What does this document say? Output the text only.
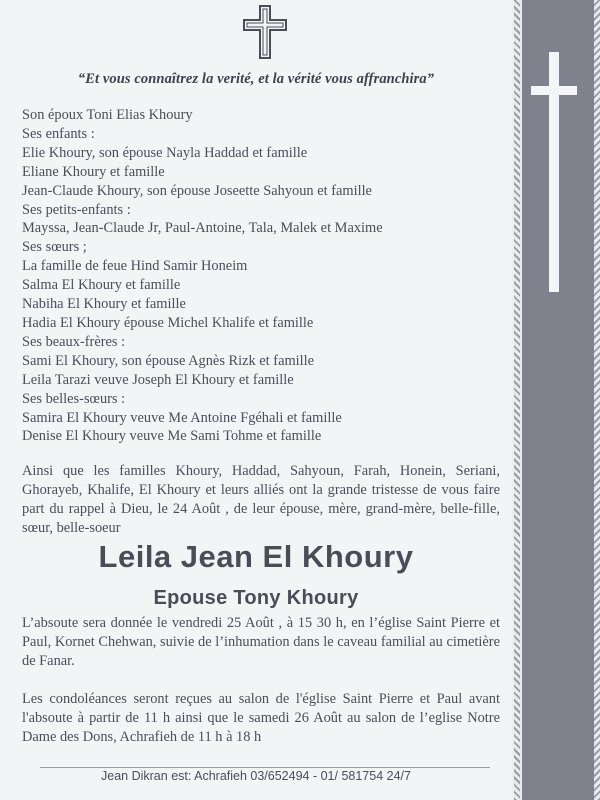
“Et vous connaîtrez la verité, et la vérité vous affranchira”
Son époux Toni Elias Khoury
Ses enfants :
Elie Khoury, son épouse Nayla Haddad et famille
Eliane Khoury et famille
Jean-Claude Khoury, son épouse Joseette Sahyoun et famille
Ses petits-enfants :
Mayssa, Jean-Claude Jr, Paul-Antoine, Tala, Malek et Maxime
Ses sœurs ;
La famille de feue Hind Samir Honeim
Salma El Khoury et famille
Nabiha El Khoury et famille
Hadia El Khoury épouse Michel Khalife et famille
Ses beaux-frères :
Sami El Khoury, son épouse Agnès Rizk et famille
Leila Tarazi veuve Joseph El Khoury et famille
Ses belles-sœurs :
Samira El Khoury veuve Me Antoine Fgéhali et famille
Denise El Khoury veuve Me Sami Tohme et famille
Ainsi que les familles Khoury, Haddad, Sahyoun, Farah, Honein, Seriani, Ghorayeb, Khalife, El Khoury et leurs alliés ont la grande tristesse de vous faire part du rappel à Dieu, le 24 Août , de leur épouse, mère, grand-mère, belle-fille, sœur, belle-soeur
Leila Jean El Khoury
Epouse Tony Khoury
L’absoute sera donnée le vendredi 25 Août , à 15 30 h, en l’église Saint Pierre et Paul, Kornet Chehwan, suivie de l’inhumation dans le caveau familial au cimetière de Fanar.
Les condoléances seront reçues au salon de l'église Saint Pierre et Paul avant l'absoute à partir de 11 h ainsi que le samedi 26 Août au salon de l’eglise Notre Dame des Dons, Achrafieh de 11 h à 18 h
Jean Dikran est: Achrafieh 03/652494 - 01/ 581754 24/7
